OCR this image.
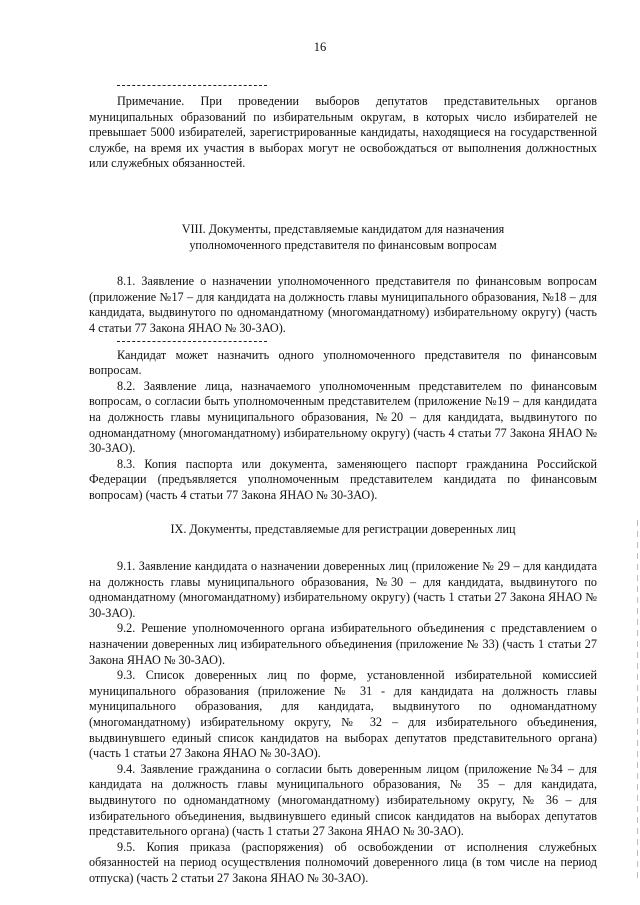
16

Примечание. При проведении выборов депутатов представительных органов муниципальных образований по избирательным округам, в которых число избирателей не превышает 5000 избирателей, зарегистрированные кандидаты, находящиеся на государственной службе, на время их участия в выборах могут не освобождаться от выполнения должностных или служебных обязанностей.

VIII. Документы, представляемые кандидатом для назначения

уполномоченного представителя по финансовым вопросам

8.1. Заявление о назначении уполномоченного представителя по финансовым вопросам (приложение №17 – для кандидата на должность главы муниципального образования, №18 – для кандидата, выдвинутого по одномандатному (многомандатному) избирательному округу) (часть 4 статьи 77 Закона ЯНАО № 30-ЗАО).

Кандидат может назначить одного уполномоченного представителя по финансовым вопросам.

8.2. Заявление лица, назначаемого уполномоченным представителем по финансовым вопросам, о согласии быть уполномоченным представителем (приложение №19 – для кандидата на должность главы муниципального образования, №20 – для кандидата, выдвинутого по одномандатному (многомандатному) избирательному округу) (часть 4 статьи 77 Закона ЯНАО № 30-ЗАО).

8.3. Копия паспорта или документа, заменяющего паспорт гражданина Российской Федерации (предъявляется уполномоченным представителем кандидата по финансовым вопросам) (часть 4 статьи 77 Закона ЯНАО № 30-ЗАО).

IX. Документы, представляемые для регистрации доверенных лиц

9.1. Заявление кандидата о назначении доверенных лиц (приложение № 29 – для кандидата на должность главы муниципального образования, №30 – для кандидата, выдвинутого по одномандатному (многомандатному) избирательному округу) (часть 1 статьи 27 Закона ЯНАО № 30-ЗАО).

9.2. Решение уполномоченного органа избирательного объединения с представлением о назначении доверенных лиц избирательного объединения (приложение № 33) (часть 1 статьи 27 Закона ЯНАО № 30-ЗАО).

9.3. Список доверенных лиц по форме, установленной избирательной комиссией муниципального образования (приложение № 31 - для кандидата на должность главы муниципального образования, для кандидата, выдвинутого по одномандатному (многомандатному) избирательному округу, № 32 – для избирательного объединения, выдвинувшего единый список кандидатов на выборах депутатов представительного органа) (часть 1 статьи 27 Закона ЯНАО № 30-ЗАО).

9.4. Заявление гражданина о согласии быть доверенным лицом (приложение №34 – для кандидата на должность главы муниципального образования, № 35 – для кандидата, выдвинутого по одномандатному (многомандатному) избирательному округу, № 36 – для избирательного объединения, выдвинувшего единый список кандидатов на выборах депутатов представительного органа) (часть 1 статьи 27 Закона ЯНАО № 30-ЗАО).

9.5. Копия приказа (распоряжения) об освобождении от исполнения служебных обязанностей на период осуществления полномочий доверенного лица (в том числе на период отпуска) (часть 2 статьи 27 Закона ЯНАО № 30-ЗАО).
